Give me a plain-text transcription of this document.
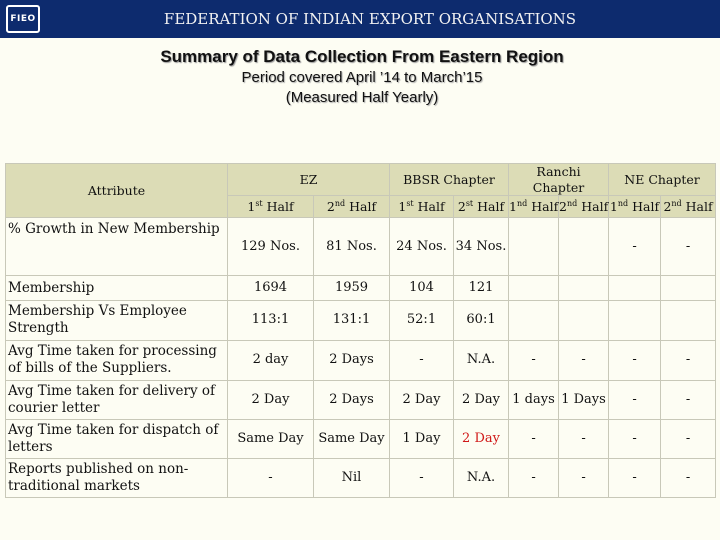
FIEO	FEDERATION OF INDIAN EXPORT ORGANISATIONS
Summary of Data Collection From Eastern Region
Period covered April ’14 to March’15
(Measured Half Yearly)
Attribute	EZ		BBSR Chapter		Ranchi Chapter		NE Chapter	
	1st Half	2nd Half	1st Half	2st Half	1nd Half	2nd Half	1nd Half	2nd Half
% Growth in New Membership	129 Nos.	81 Nos.	24 Nos.	34 Nos.			-	-
Membership	1694	1959	104	121				
Membership Vs Employee Strength	113:1	131:1	52:1	60:1				
Avg Time taken for processing of bills of the Suppliers.	2 day	2 Days	-	N.A.	-	-	-	-
Avg Time taken for delivery of courier letter	2 Day	2 Days	2 Day	2 Day	1 days	1 Days	-	-
Avg Time taken for dispatch of letters	Same Day	Same Day	1 Day	2 Day	-	-	-	-
Reports published on non-traditional markets	-	Nil	-	N.A.	-	-	-	-
